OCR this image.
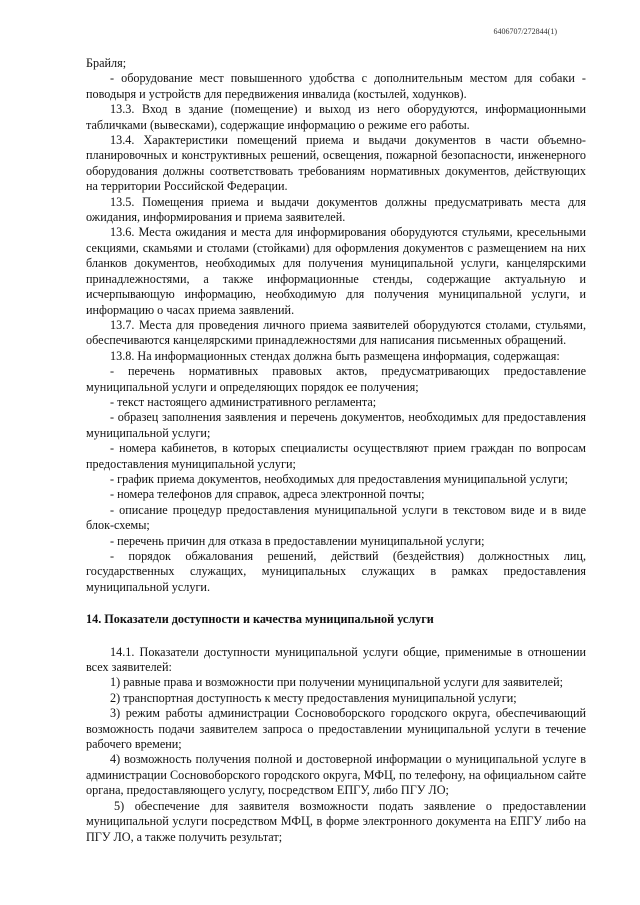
6406707/272844(1)

Брайля;

- оборудование мест повышенного удобства с дополнительным местом для собаки - поводыря и устройств для передвижения инвалида (костылей, ходунков).

13.3. Вход в здание (помещение) и выход из него оборудуются, информационными табличками (вывесками), содержащие информацию о режиме его работы.

13.4. Характеристики помещений приема и выдачи документов в части объемно-планировочных и конструктивных решений, освещения, пожарной безопасности, инженерного оборудования должны соответствовать требованиям нормативных документов, действующих на территории Российской Федерации.

13.5. Помещения приема и выдачи документов должны предусматривать места для ожидания, информирования и приема заявителей.

13.6. Места ожидания и места для информирования оборудуются стульями, кресельными секциями, скамьями и столами (стойками) для оформления документов с размещением на них бланков документов, необходимых для получения муниципальной услуги, канцелярскими принадлежностями, а также информационные стенды, содержащие актуальную и исчерпывающую информацию, необходимую для получения муниципальной услуги, и информацию о часах приема заявлений.

13.7. Места для проведения личного приема заявителей оборудуются столами, стульями, обеспечиваются канцелярскими принадлежностями для написания письменных обращений.

13.8. На информационных стендах должна быть размещена информация, содержащая:

- перечень нормативных правовых актов, предусматривающих предоставление муниципальной услуги и определяющих порядок ее получения;

- текст настоящего административного регламента;

- образец заполнения заявления и перечень документов, необходимых для предоставления муниципальной услуги;

- номера кабинетов, в которых специалисты осуществляют прием граждан по вопросам предоставления муниципальной услуги;

- график приема документов, необходимых для предоставления муниципальной услуги;

- номера телефонов для справок, адреса электронной почты;

- описание процедур предоставления муниципальной услуги в текстовом виде и в виде блок-схемы;

- перечень причин для отказа в предоставлении муниципальной услуги;

- порядок обжалования решений, действий (бездействия) должностных лиц, государственных служащих, муниципальных служащих в рамках предоставления муниципальной услуги.

14. Показатели доступности и качества муниципальной услуги

14.1. Показатели доступности муниципальной услуги общие, применимые в отношении всех заявителей:

1) равные права и возможности при получении муниципальной услуги для заявителей;

2) транспортная доступность к месту предоставления муниципальной услуги;

3) режим работы администрации Сосновоборского городского округа, обеспечивающий возможность подачи заявителем запроса о предоставлении муниципальной услуги в течение рабочего времени;

4) возможность получения полной и достоверной информации о муниципальной услуге в администрации Сосновоборского городского округа, МФЦ, по телефону, на официальном сайте органа, предоставляющего услугу, посредством ЕПГУ, либо ПГУ ЛО;

5) обеспечение для заявителя возможности подать заявление о предоставлении муниципальной услуги посредством МФЦ, в форме электронного документа на ЕПГУ либо на ПГУ ЛО, а также получить результат;
